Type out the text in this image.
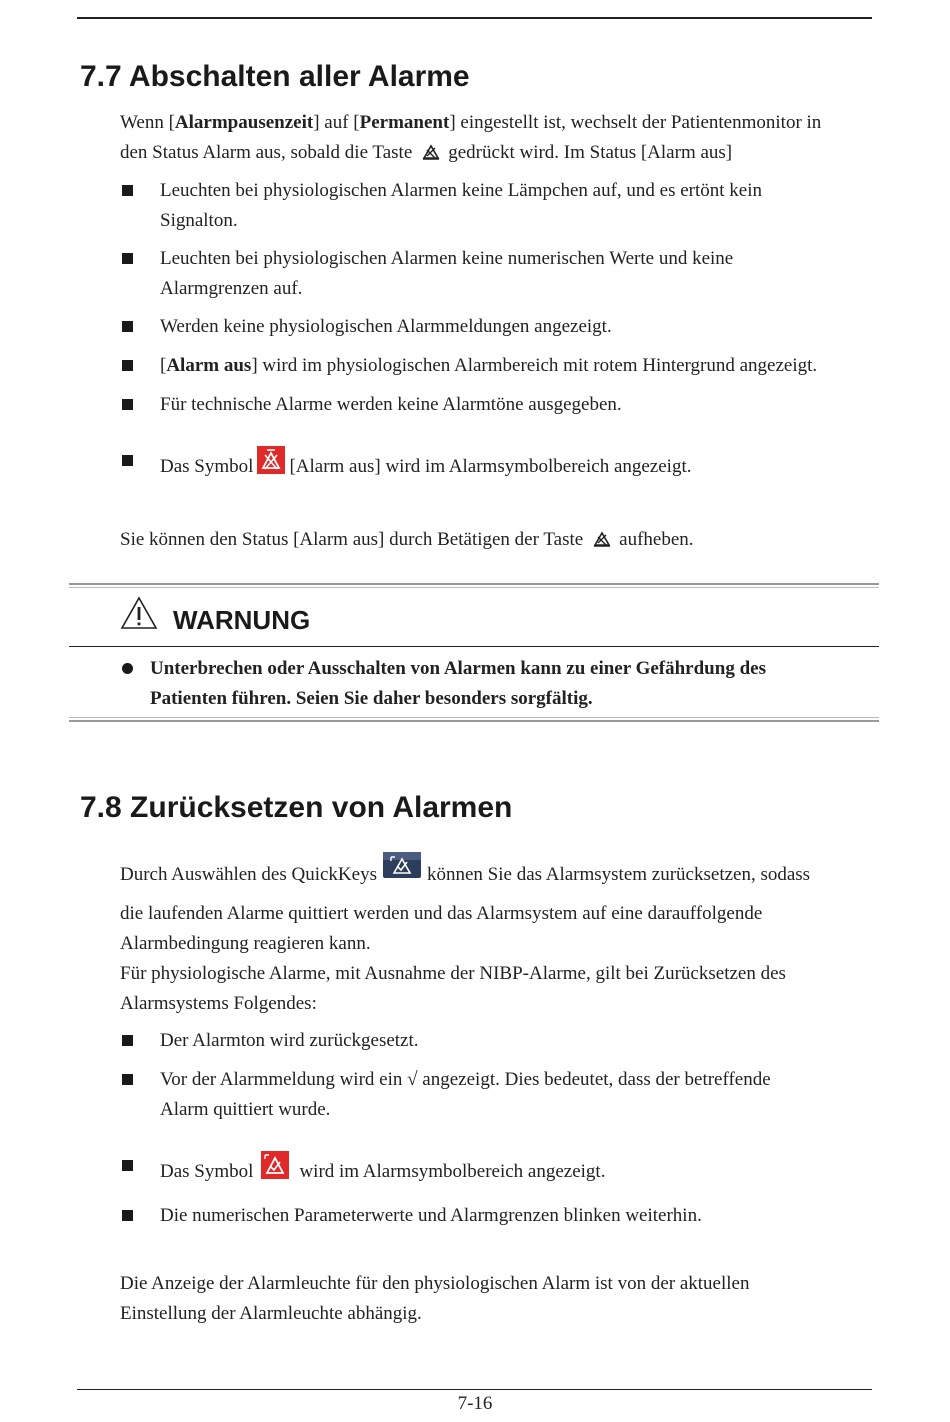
7.7 Abschalten aller Alarme

Wenn [Alarmpausenzeit] auf [Permanent] eingestellt ist, wechselt der Patientenmonitor in
den Status Alarm aus, sobald die Taste gedrückt wird. Im Status [Alarm aus]

Leuchten bei physiologischen Alarmen keine Lämpchen auf, und es ertönt kein
Signalton.
Leuchten bei physiologischen Alarmen keine numerischen Werte und keine
Alarmgrenzen auf.
Werden keine physiologischen Alarmmeldungen angezeigt.
[Alarm aus] wird im physiologischen Alarmbereich mit rotem Hintergrund angezeigt.
Für technische Alarme werden keine Alarmtöne ausgegeben.
Das Symbol [Alarm aus] wird im Alarmsymbolbereich angezeigt.

Sie können den Status [Alarm aus] durch Betätigen der Taste aufheben.

WARNUNG
Unterbrechen oder Ausschalten von Alarmen kann zu einer Gefährdung des
Patienten führen. Seien Sie daher besonders sorgfältig.
7.8 Zurücksetzen von Alarmen

Durch Auswählen des QuickKeys	können Sie das Alarmsystem zurücksetzen, sodass

die laufenden Alarme quittiert werden und das Alarmsystem auf eine darauffolgende
Alarmbedingung reagieren kann.
Für physiologische Alarme, mit Ausnahme der NIBP-Alarme, gilt bei Zurücksetzen des
Alarmsystems Folgendes:

Der Alarmton wird zurückgesetzt.
Vor der Alarmmeldung wird ein √ angezeigt. Dies bedeutet, dass der betreffende
Alarm quittiert wurde.
Das Symbol wird im Alarmsymbolbereich angezeigt.
Die numerischen Parameterwerte und Alarmgrenzen blinken weiterhin.

Die Anzeige der Alarmleuchte für den physiologischen Alarm ist von der aktuellen
Einstellung der Alarmleuchte abhängig.

7-16
